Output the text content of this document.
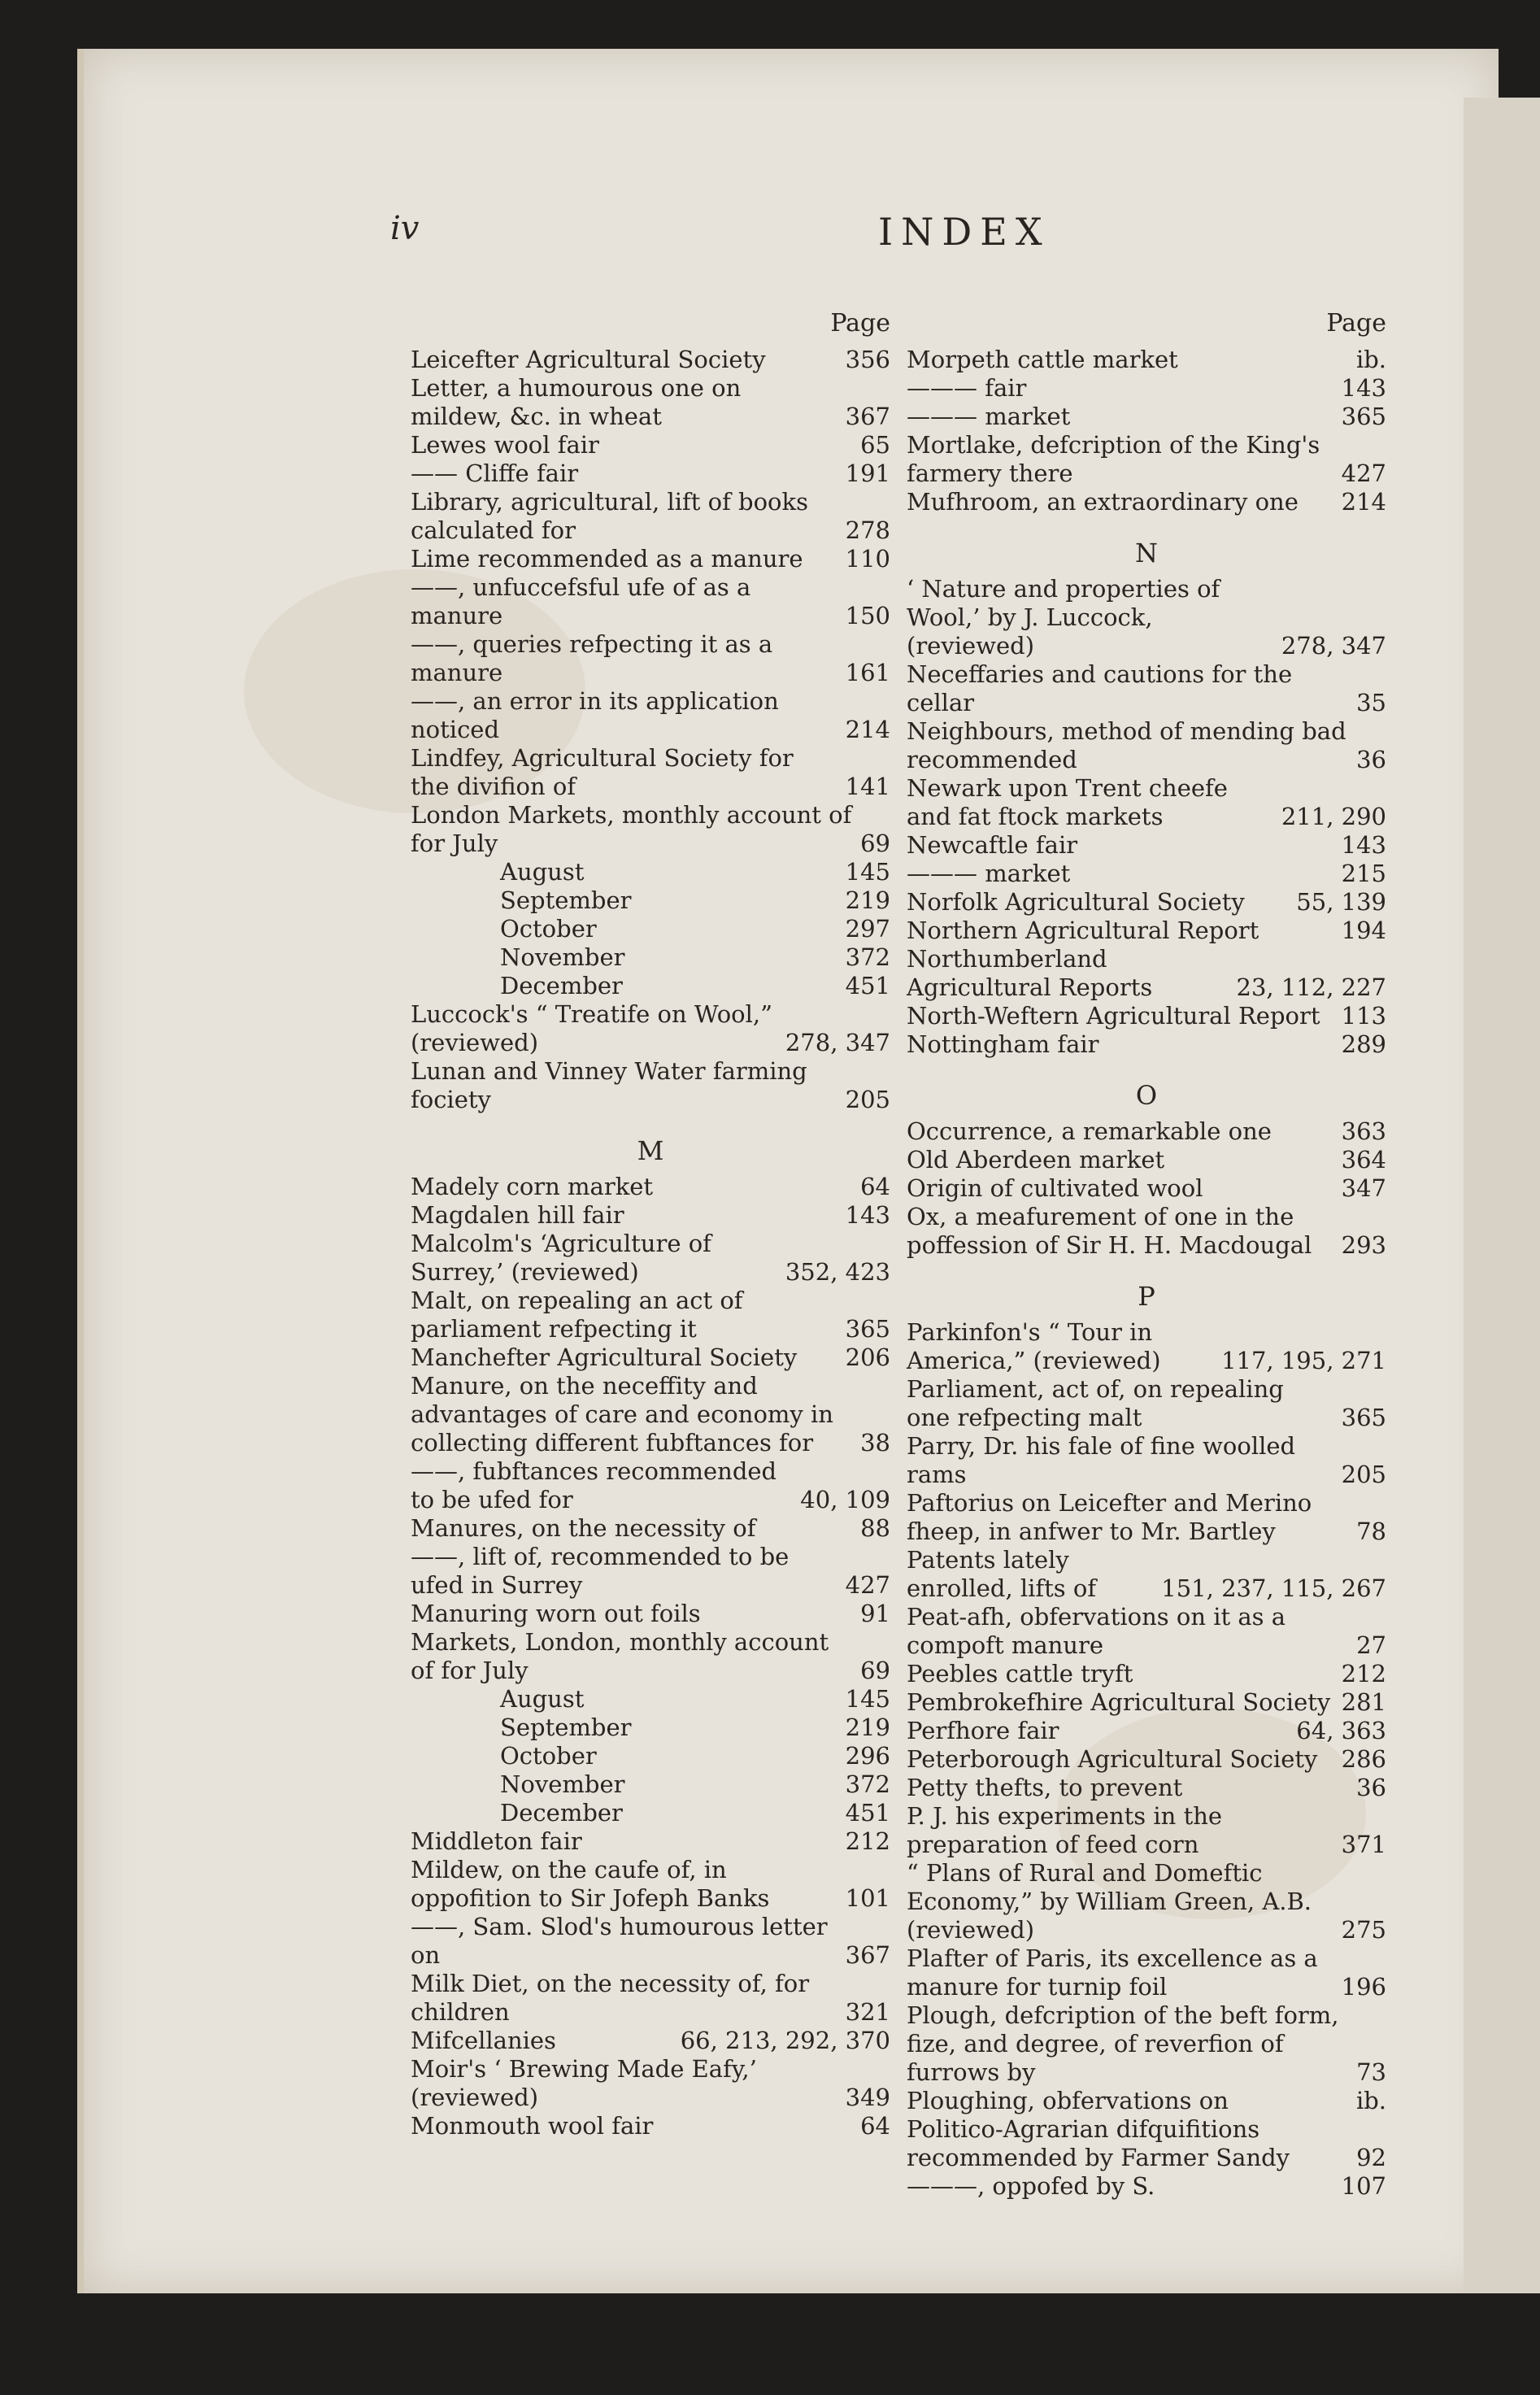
iv	INDEX
Page
Leicefter Agricultural Society	356
Letter, a humourous one on mildew, &c. in wheat	367
Lewes wool fair	65
—— Cliffe fair	191
Library, agricultural, lift of books calculated for	278
Lime recommended as a manure	110
——, unfuccefsful ufe of as a manure	150
——, queries refpecting it as a manure	161
——, an error in its application noticed	214
Lindfey, Agricultural Society for the divifion of	141
London Markets, monthly account of for July	69
August	145
September	219
October	297
November	372
December	451
Luccock's “ Treatife on Wool,” (reviewed)	278, 347
Lunan and Vinney Water farming fociety	205
M
Madely corn market	64
Magdalen hill fair	143
Malcolm's ‘Agriculture of Surrey,’ (reviewed)	352, 423
Malt, on repealing an act of parliament refpecting it	365
Manchefter Agricultural Society	206
Manure, on the neceffity and advantages of care and economy in collecting different fubftances for	38
——, fubftances recommended to be ufed for	40, 109
Manures, on the necessity of	88
——, lift of, recommended to be ufed in Surrey	427
Manuring worn out foils	91
Markets, London, monthly account of for July	69
August	145
September	219
October	296
November	372
December	451
Middleton fair	212
Mildew, on the caufe of, in oppofition to Sir Jofeph Banks	101
——, Sam. Slod's humourous letter on	367
Milk Diet, on the necessity of, for children	321
Mifcellanies	66, 213, 292, 370
Moir's ‘ Brewing Made Eafy,’ (reviewed)	349
Monmouth wool fair	64
Page
Morpeth cattle market	ib.
——— fair	143
——— market	365
Mortlake, defcription of the King's farmery there	427
Mufhroom, an extraordinary one	214
N
‘ Nature and properties of Wool,’ by J. Luccock, (reviewed)	278, 347
Neceffaries and cautions for the cellar	35
Neighbours, method of mending bad recommended	36
Newark upon Trent cheefe and fat ftock markets	211, 290
Newcaftle fair	143
——— market	215
Norfolk Agricultural Society	55, 139
Northern Agricultural Report	194
Northumberland Agricultural Reports	23, 112, 227
North-Weftern Agricultural Report 113
Nottingham fair	289
O
Occurrence, a remarkable one	363
Old Aberdeen market	364
Origin of cultivated wool	347
Ox, a meafurement of one in the poffession of Sir H. H. Macdougal	293
P
Parkinfon's “ Tour in America,” (reviewed)	117, 195, 271
Parliament, act of, on repealing one refpecting malt	365
Parry, Dr. his fale of fine woolled rams	205
Paftorius on Leicefter and Merino fheep, in anfwer to Mr. Bartley	78
Patents lately enrolled, lifts of	151, 237, 115, 267
Peat-afh, obfervations on it as a compoft manure	27
Peebles cattle tryft	212
Pembrokefhire Agricultural Society 281
Perfhore fair	64, 363
Peterborough Agricultural Society	286
Petty thefts, to prevent	36
P. J. his experiments in the preparation of feed corn	371
“ Plans of Rural and Domeftic Economy,” by William Green, A.B. (reviewed)	275
Plafter of Paris, its excellence as a manure for turnip foil	196
Plough, defcription of the beft form, fize, and degree, of reverfion of furrows by	73
Ploughing, obfervations on	ib.
Politico-Agrarian difquifitions recommended by Farmer Sandy	92
———, oppofed by S.	107
